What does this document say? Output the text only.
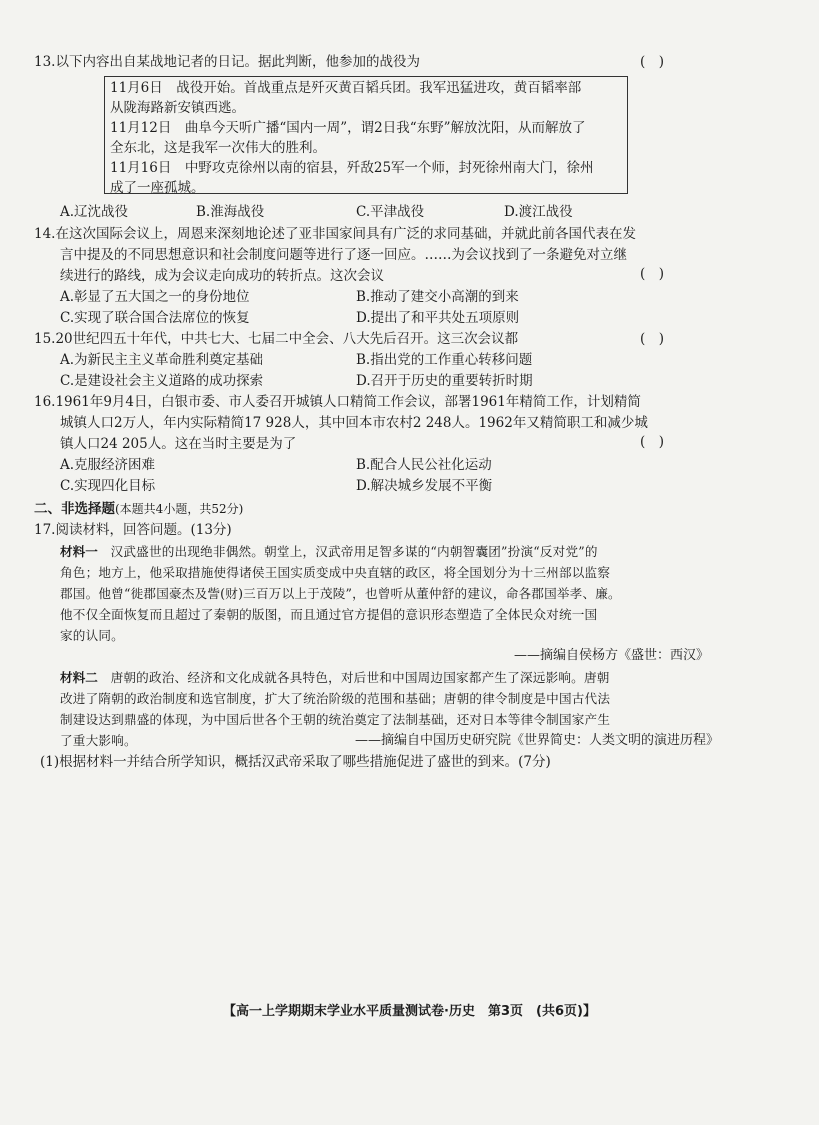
13.以下内容出自某战地记者的日记。据此判断，他参加的战役为	(　)
11月6日　战役开始。首战重点是歼灭黄百韬兵团。我军迅猛进攻，黄百韬率部
从陇海路新安镇西逃。
11月12日　曲阜今天听广播“国内一周”，谓2日我“东野”解放沈阳，从而解放了
全东北，这是我军一次伟大的胜利。
11月16日　中野攻克徐州以南的宿县，歼敌25军一个师，封死徐州南大门，徐州
成了一座孤城。
A.辽沈战役	B.淮海战役	C.平津战役	D.渡江战役
14.在这次国际会议上，周恩来深刻地论述了亚非国家间具有广泛的求同基础，并就此前各国代表在发
言中提及的不同思想意识和社会制度问题等进行了逐一回应。……为会议找到了一条避免对立继
续进行的路线，成为会议走向成功的转折点。这次会议	(　)
A.彰显了五大国之一的身份地位	B.推动了建交小高潮的到来
C.实现了联合国合法席位的恢复	D.提出了和平共处五项原则
15.20世纪四五十年代，中共七大、七届二中全会、八大先后召开。这三次会议都	(　)
A.为新民主主义革命胜利奠定基础	B.指出党的工作重心转移问题
C.是建设社会主义道路的成功探索	D.召开于历史的重要转折时期
16.1961年9月4日，白银市委、市人委召开城镇人口精简工作会议，部署1961年精简工作，计划精简
城镇人口2万人，年内实际精简17 928人，其中回本市农村2 248人。1962年又精简职工和减少城
镇人口24 205人。这在当时主要是为了	(　)
A.克服经济困难	B.配合人民公社化运动
C.实现四化目标	D.解决城乡发展不平衡
二、非选择题(本题共4小题，共52分)
17.阅读材料，回答问题。(13分)
材料一　 汉武盛世的出现绝非偶然。朝堂上，汉武帝用足智多谋的“内朝智囊团”扮演“反对党”的
角色；地方上，他采取措施使得诸侯王国实质变成中央直辖的政区，将全国划分为十三州部以监察
郡国。他曾“徙郡国豪杰及訾(财)三百万以上于茂陵”，也曾听从董仲舒的建议，命各郡国举孝、廉。
他不仅全面恢复而且超过了秦朝的版图，而且通过官方提倡的意识形态塑造了全体民众对统一国
家的认同。
——摘编自侯杨方《盛世：西汉》
材料二　 唐朝的政治、经济和文化成就各具特色，对后世和中国周边国家都产生了深远影响。唐朝
改进了隋朝的政治制度和选官制度，扩大了统治阶级的范围和基础；唐朝的律令制度是中国古代法
制建设达到鼎盛的体现，为中国后世各个王朝的统治奠定了法制基础，还对日本等律令制国家产生
了重大影响。	——摘编自中国历史研究院《世界简史：人类文明的演进历程》
(1)根据材料一并结合所学知识，概括汉武帝采取了哪些措施促进了盛世的到来。(7分)
【高一上学期期末学业水平质量测试卷·历史　第3页　(共6页)】
